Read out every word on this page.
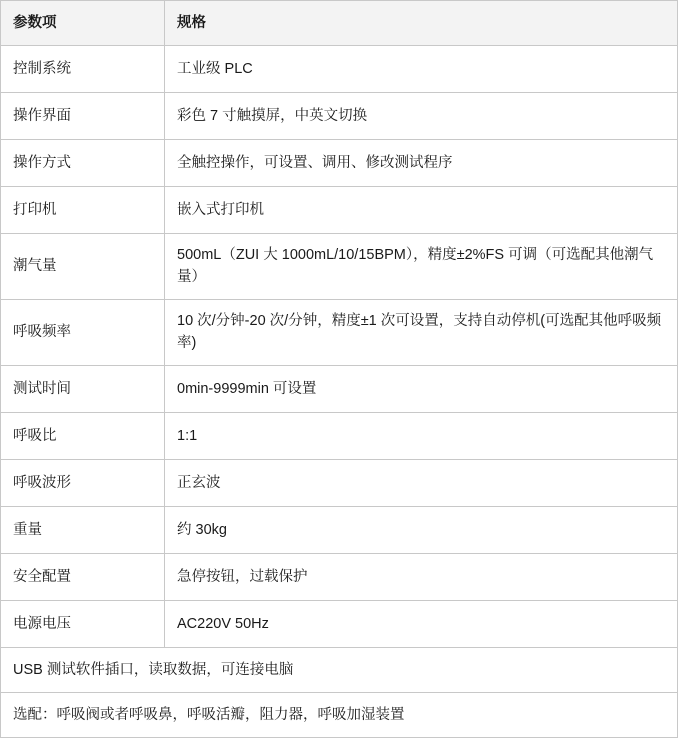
参数项	规格
控制系统	工业级 PLC
操作界面	彩色 7 寸触摸屏，中英文切换
操作方式	全触控操作，可设置、调用、修改测试程序
打印机	嵌入式打印机
潮气量	500mL（ZUI 大 1000mL/10/15BPM），精度±2%FS 可调（可选配其他潮气量）
呼吸频率	10 次/分钟-20 次/分钟，精度±1 次可设置，支持自动停机(可选配其他呼吸频率)
测试时间	0min-9999min 可设置
呼吸比	1:1
呼吸波形	正玄波
重量	约 30kg
安全配置	急停按钮，过载保护
电源电压	AC220V 50Hz
USB 测试软件插口，读取数据，可连接电脑	
选配：呼吸阀或者呼吸鼻，呼吸活瓣，阻力器，呼吸加湿装置	
